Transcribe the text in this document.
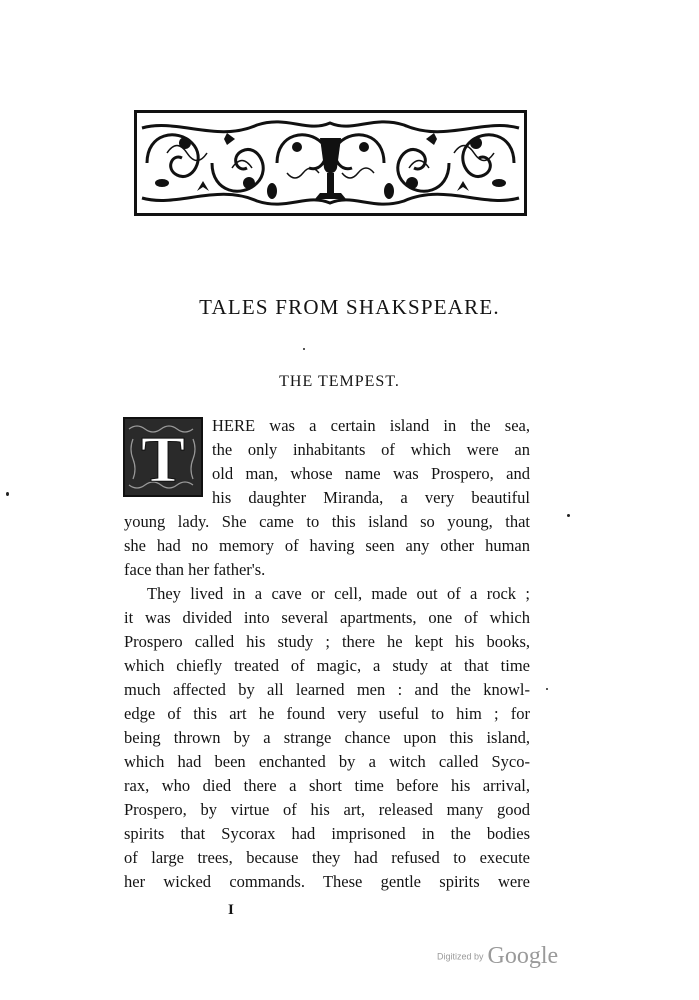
TALES FROM SHAKSPEARE.
THE TEMPEST.
T HERE was a certain island in the sea,
the only inhabitants of which were an
old man, whose name was Prospero, and
his daughter Miranda, a very beautiful
young lady. She came to this island so young, that
she had no memory of having seen any other human
face than her father's.
They lived in a cave or cell, made out of a rock ;
it was divided into several apartments, one of which
Prospero called his study ; there he kept his books,
which chiefly treated of magic, a study at that time
much affected by all learned men : and the knowl-
edge of this art he found very useful to him ; for
being thrown by a strange chance upon this island,
which had been enchanted by a witch called Syco-
rax, who died there a short time before his arrival,
Prospero, by virtue of his art, released many good
spirits that Sycorax had imprisoned in the bodies
of large trees, because they had refused to execute
her wicked commands. These gentle spirits were
I
Digitized by Google
